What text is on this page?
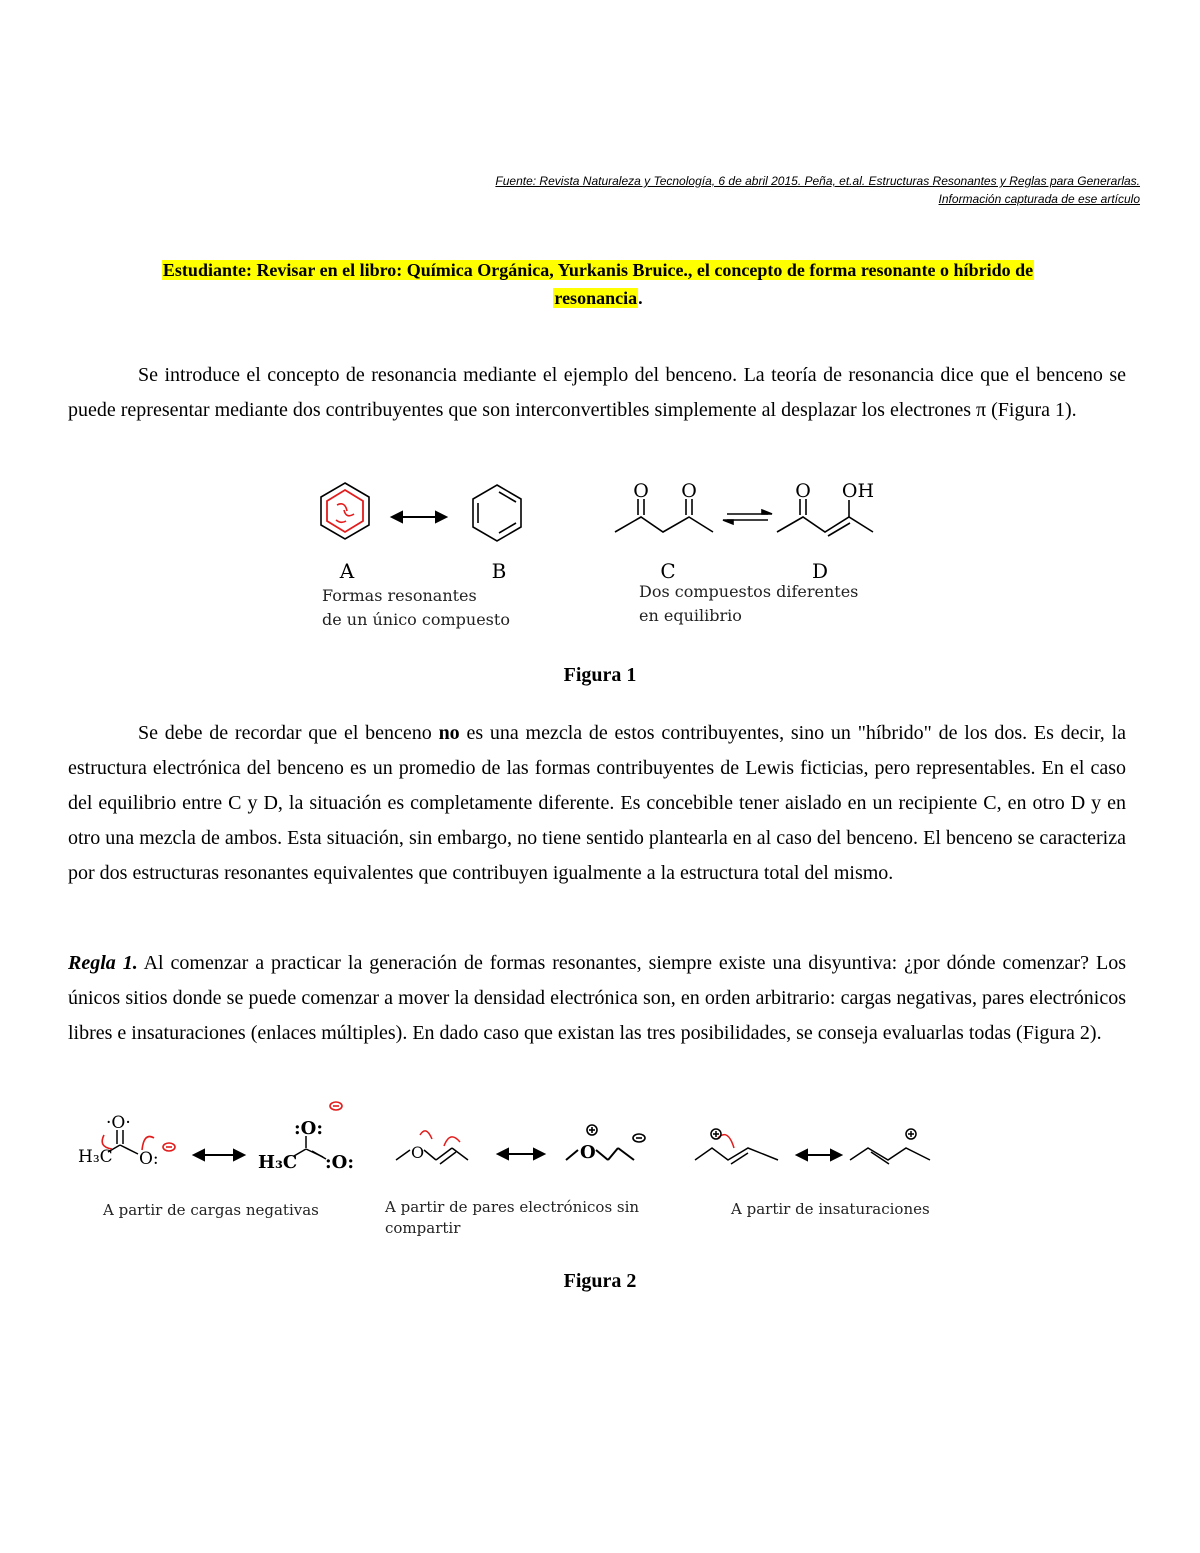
Fuente: Revista Naturaleza y Tecnología, 6 de abril 2015. Peña, et.al. Estructuras Resonantes y Reglas para Generarlas.
Información capturada de ese artículo
Estudiante: Revisar en el libro: Química Orgánica, Yurkanis Bruice., el concepto de forma resonante o híbrido de
resonancia.

Se introduce el concepto de resonancia mediante el ejemplo del benceno. La teoría de resonancia dice que el benceno se puede representar mediante dos contribuyentes que son interconvertibles simplemente al desplazar los electrones π (Figura 1).

A	B
Formas resonantes
de un único compuesto
O O	O OH
C	D
Dos compuestos diferentes
en equilibrio
Figura 1

Se debe de recordar que el benceno no es una mezcla de estos contribuyentes, sino un "híbrido" de los dos. Es decir, la estructura electrónica del benceno es un promedio de las formas contribuyentes de Lewis ficticias, pero representables. En el caso del equilibrio entre C y D, la situación es completamente diferente. Es concebible tener aislado en un recipiente C, en otro D y en otro una mezcla de ambos. Esta situación, sin embargo, no tiene sentido plantearla en al caso del benceno. El benceno se caracteriza por dos estructuras resonantes equivalentes que contribuyen igualmente a la estructura total del mismo.

Regla 1. Al comenzar a practicar la generación de formas resonantes, siempre existe una disyuntiva: ¿por dónde comenzar? Los únicos sitios donde se puede comenzar a mover la densidad electrónica son, en orden arbitrario: cargas negativas, pares electrónicos libres e insaturaciones (enlaces múltiples). En dado caso que existan las tres posibilidades, se conseja evaluarlas todas (Figura 2).

H₃C
·O·
O:	H₃C
:O:
:O:	O	O
A partir de cargas negativas	A partir de pares electrónicos sin
compartir
A partir de insaturaciones
Figura 2
